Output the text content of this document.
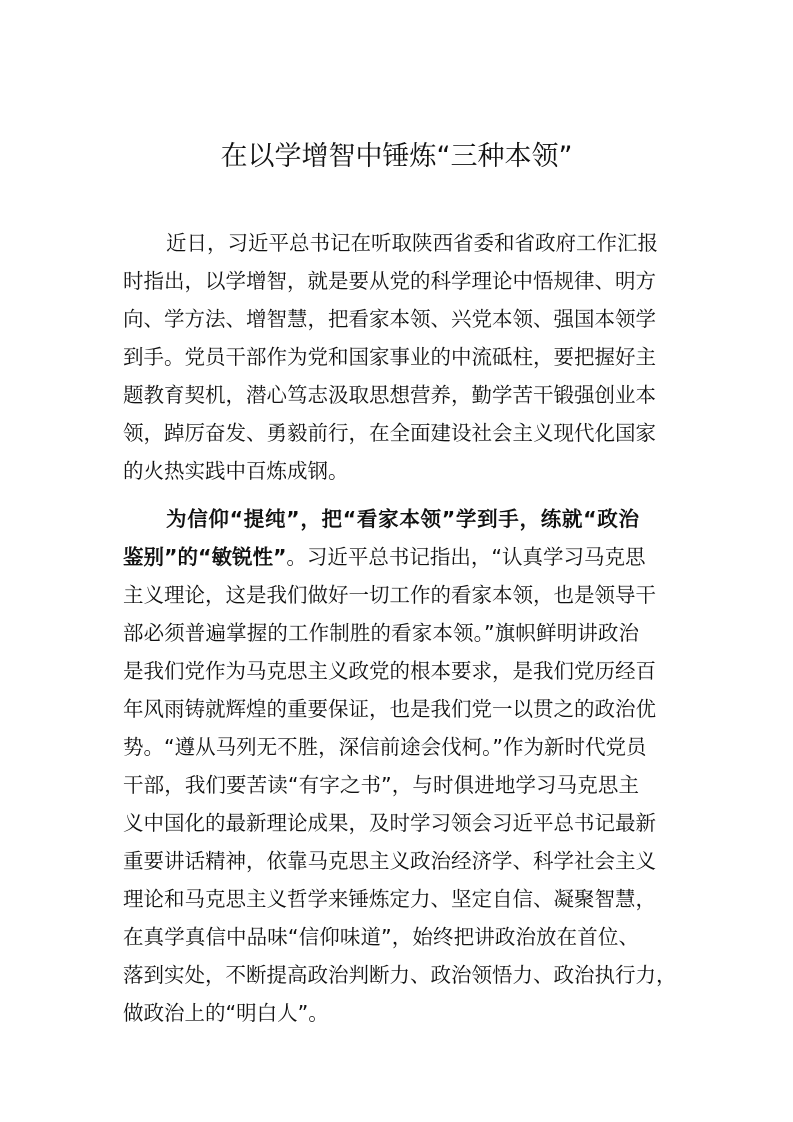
在以学增智中锤炼“三种本领”
近日，习近平总书记在听取陕西省委和省政府工作汇报
时指出，以学增智，就是要从党的科学理论中悟规律、明方
向、学方法、增智慧，把看家本领、兴党本领、强国本领学
到手。党员干部作为党和国家事业的中流砥柱，要把握好主
题教育契机，潜心笃志汲取思想营养，勤学苦干锻强创业本
领，踔厉奋发、勇毅前行，在全面建设社会主义现代化国家
的火热实践中百炼成钢。
为信仰“提纯”，把“看家本领”学到手，练就“政治
鉴别”的“敏锐性”。习近平总书记指出，“认真学习马克思
主义理论，这是我们做好一切工作的看家本领，也是领导干
部必须普遍掌握的工作制胜的看家本领。”旗帜鲜明讲政治
是我们党作为马克思主义政党的根本要求，是我们党历经百
年风雨铸就辉煌的重要保证，也是我们党一以贯之的政治优
势。“遵从马列无不胜，深信前途会伐柯。”作为新时代党员
干部，我们要苦读“有字之书”，与时俱进地学习马克思主
义中国化的最新理论成果，及时学习领会习近平总书记最新
重要讲话精神，依靠马克思主义政治经济学、科学社会主义
理论和马克思主义哲学来锤炼定力、坚定自信、凝聚智慧，
在真学真信中品味“信仰味道”，始终把讲政治放在首位、
落到实处，不断提高政治判断力、政治领悟力、政治执行力，
做政治上的“明白人”。
